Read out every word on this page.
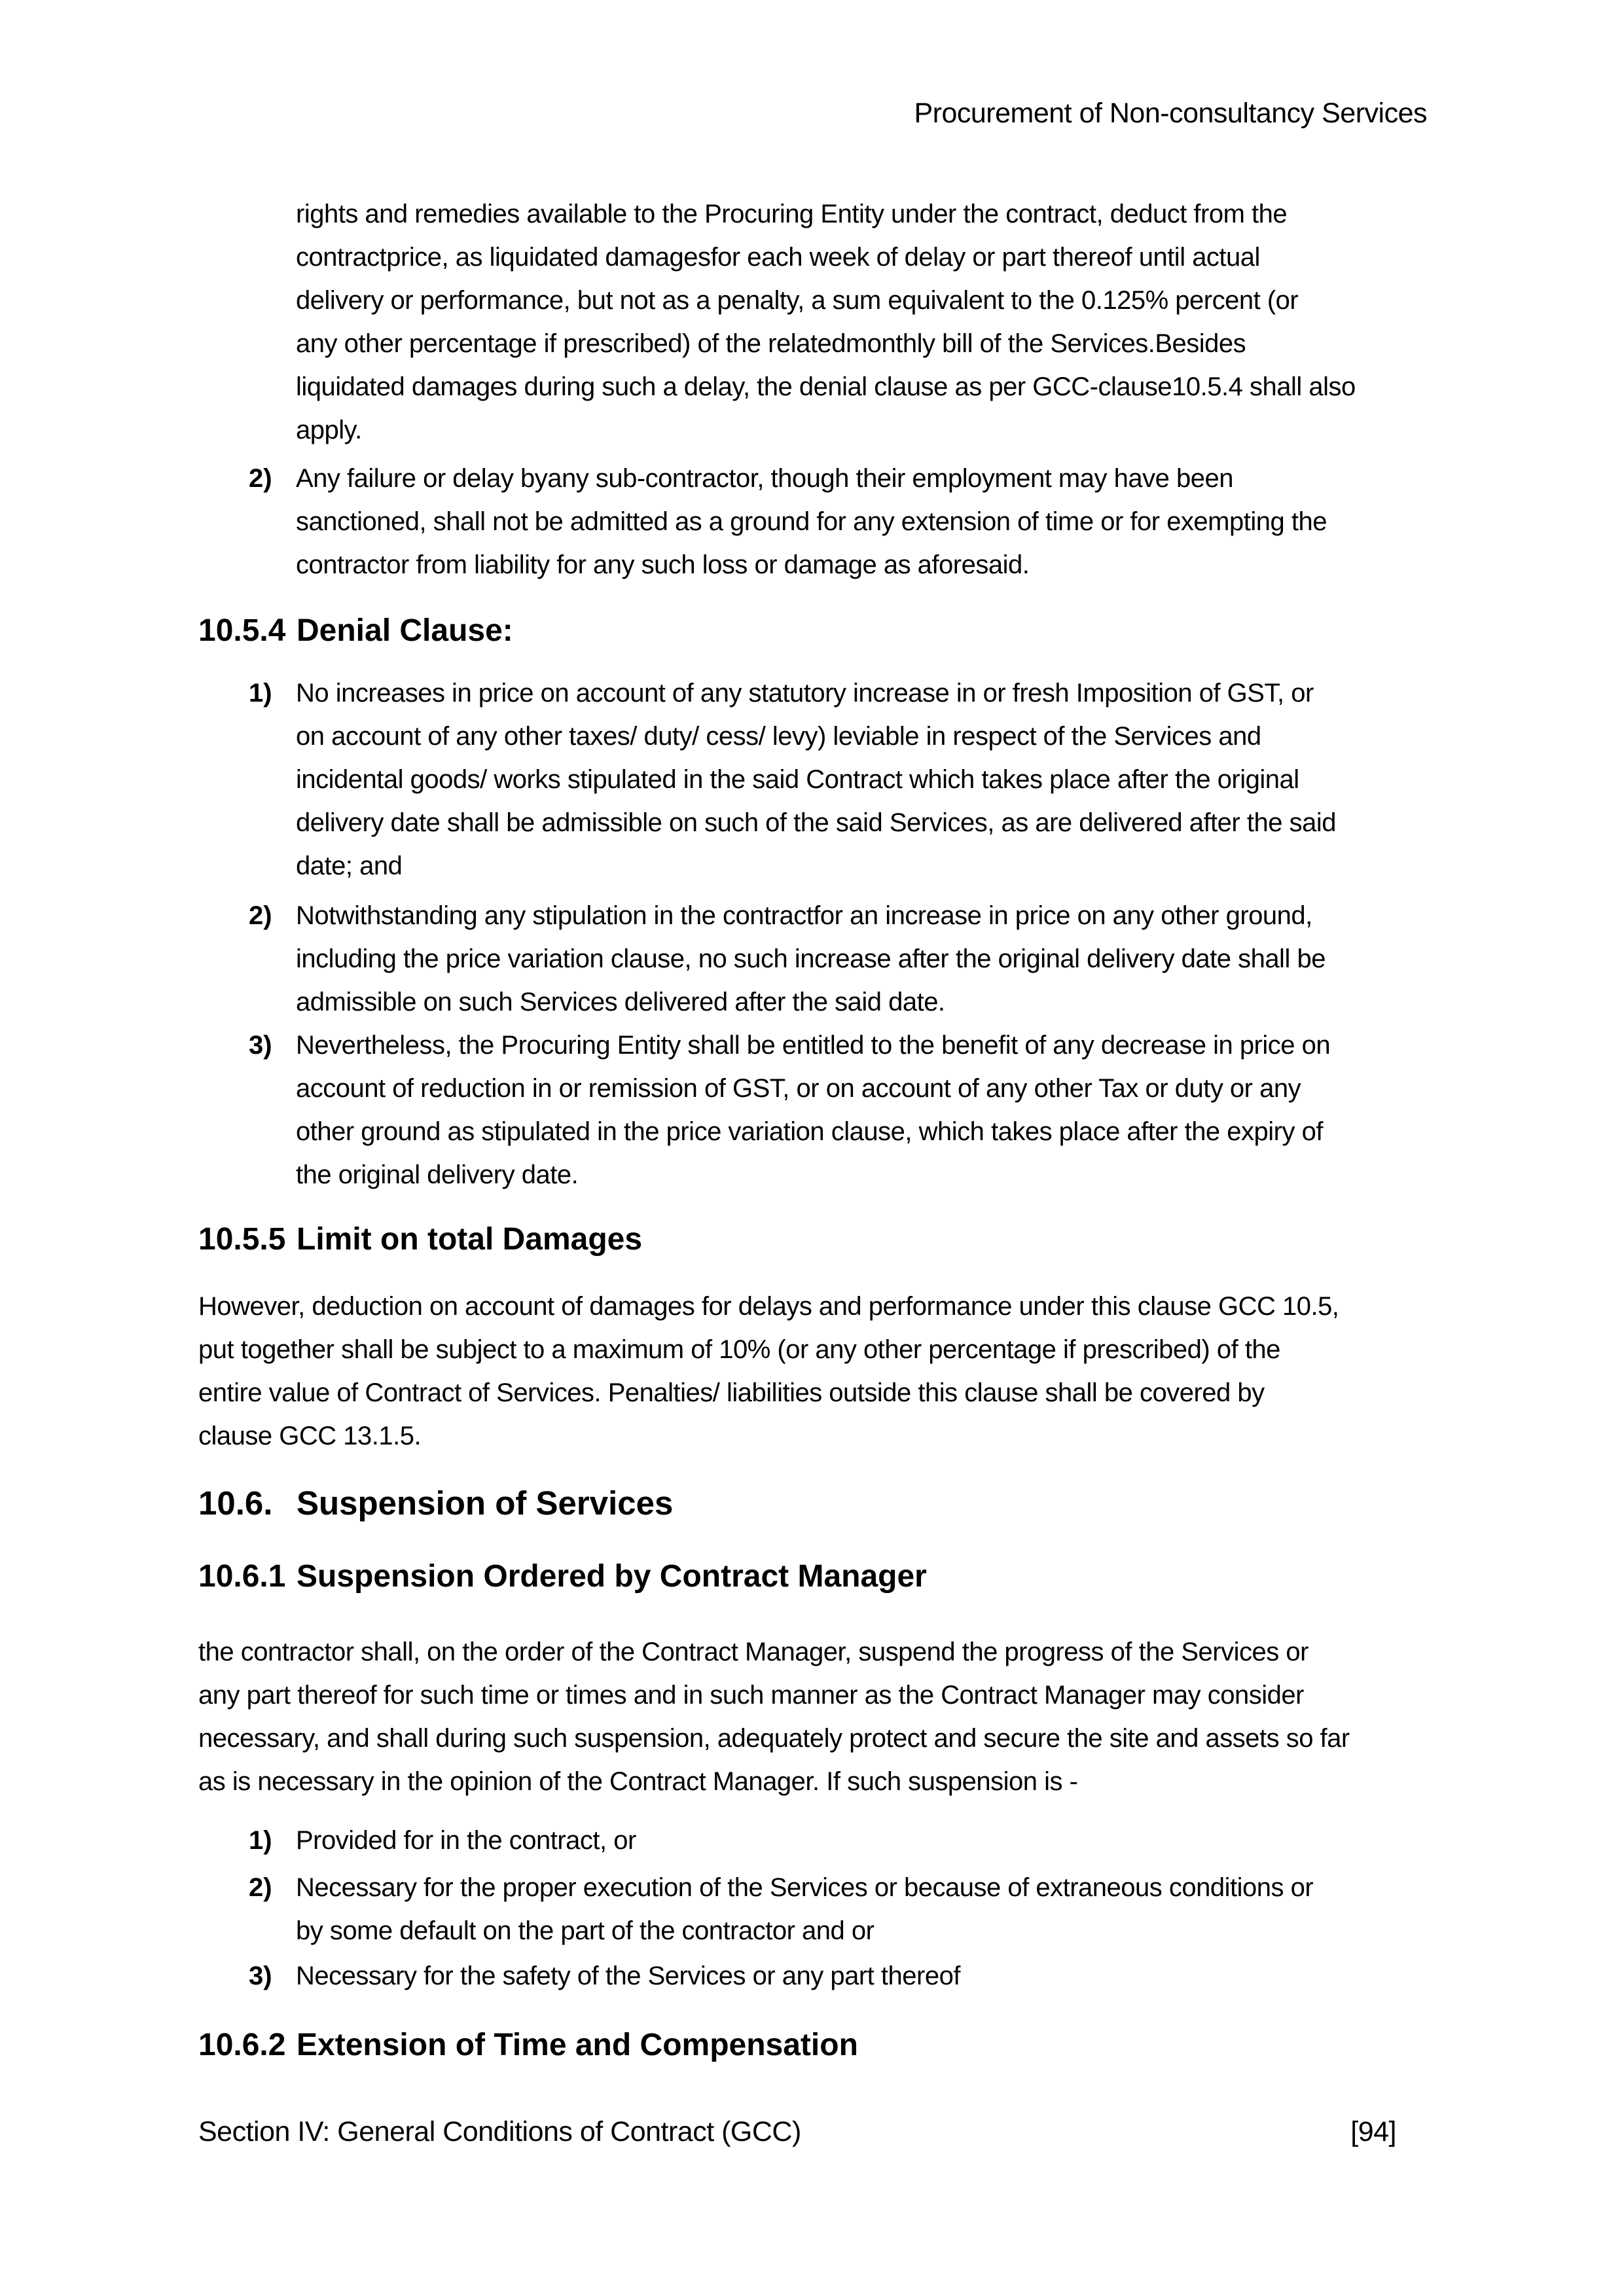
Procurement of Non-consultancy Services
rights and remedies available to the Procuring Entity under the contract, deduct from the
contractprice, as liquidated damagesfor each week of delay or part thereof until actual
delivery or performance, but not as a penalty, a sum equivalent to the 0.125% percent (or
any other percentage if prescribed) of the relatedmonthly bill of the Services.Besides
liquidated damages during such a delay, the denial clause as per GCC-clause10.5.4 shall also
apply.
2) Any failure or delay byany sub-contractor, though their employment may have been
sanctioned, shall not be admitted as a ground for any extension of time or for exempting the
contractor from liability for any such loss or damage as aforesaid.
10.5.4 Denial Clause:
1) No increases in price on account of any statutory increase in or fresh Imposition of GST, or
on account of any other taxes/ duty/ cess/ levy) leviable in respect of the Services and
incidental goods/ works stipulated in the said Contract which takes place after the original
delivery date shall be admissible on such of the said Services, as are delivered after the said
date; and
2) Notwithstanding any stipulation in the contractfor an increase in price on any other ground,
including the price variation clause, no such increase after the original delivery date shall be
admissible on such Services delivered after the said date.
3) Nevertheless, the Procuring Entity shall be entitled to the benefit of any decrease in price on
account of reduction in or remission of GST, or on account of any other Tax or duty or any
other ground as stipulated in the price variation clause, which takes place after the expiry of
the original delivery date.
10.5.5 Limit on total Damages
However, deduction on account of damages for delays and performance under this clause GCC 10.5,
put together shall be subject to a maximum of 10% (or any other percentage if prescribed) of the
entire value of Contract of Services. Penalties/ liabilities outside this clause shall be covered by
clause GCC 13.1.5.
10.6. Suspension of Services
10.6.1 Suspension Ordered by Contract Manager
the contractor shall, on the order of the Contract Manager, suspend the progress of the Services or
any part thereof for such time or times and in such manner as the Contract Manager may consider
necessary, and shall during such suspension, adequately protect and secure the site and assets so far
as is necessary in the opinion of the Contract Manager. If such suspension is -
1) Provided for in the contract, or
2) Necessary for the proper execution of the Services or because of extraneous conditions or
by some default on the part of the contractor and or
3) Necessary for the safety of the Services or any part thereof
10.6.2 Extension of Time and Compensation
Section IV: General Conditions of Contract (GCC)	[94]
